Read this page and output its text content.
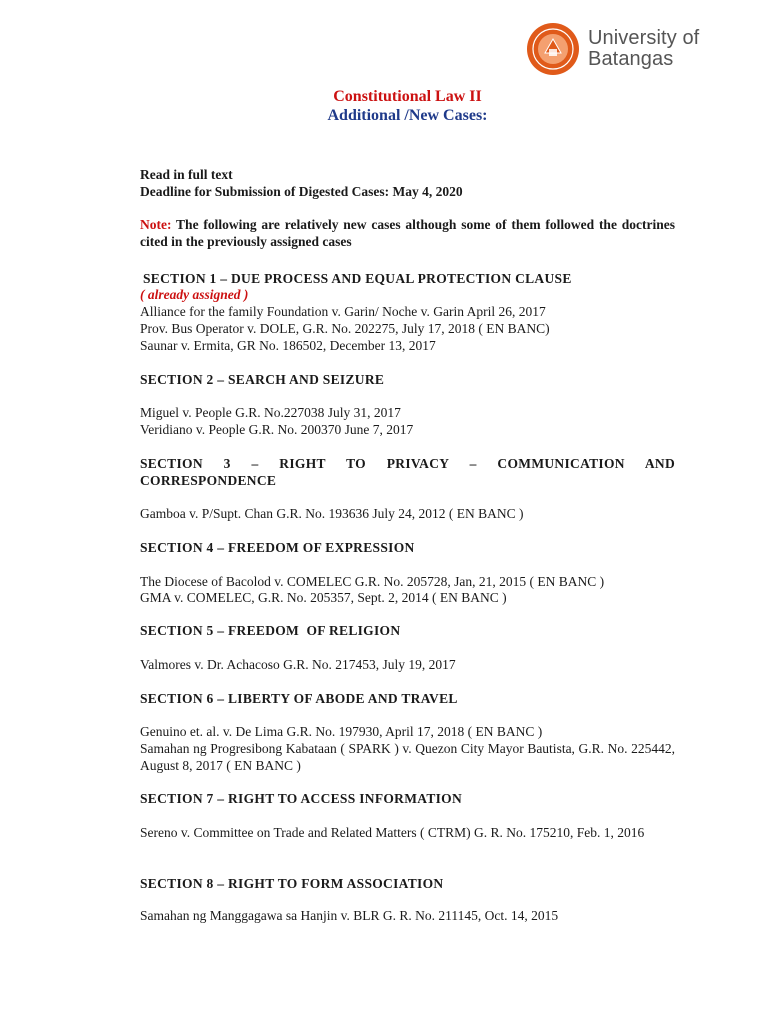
University of
Batangas
Constitutional Law II
Additional /New Cases:
Read in full text
Deadline for Submission of Digested Cases: May 4, 2020
Note: The following are relatively new cases although some of them followed the doctrines cited in the previously assigned cases
SECTION 1 – DUE PROCESS AND EQUAL PROTECTION CLAUSE
( already assigned )
Alliance for the family Foundation v. Garin/ Noche v. Garin April 26, 2017
Prov. Bus Operator v. DOLE, G.R. No. 202275, July 17, 2018 ( EN BANC)
Saunar v. Ermita, GR No. 186502, December 13, 2017
SECTION 2 – SEARCH AND SEIZURE
Miguel v. People G.R. No.227038 July 31, 2017
Veridiano v. People G.R. No. 200370 June 7, 2017
SECTION 3 – RIGHT TO PRIVACY – COMMUNICATION AND CORRESPONDENCE
Gamboa v. P/Supt. Chan G.R. No. 193636 July 24, 2012 ( EN BANC )
SECTION 4 – FREEDOM OF EXPRESSION
The Diocese of Bacolod v. COMELEC G.R. No. 205728, Jan, 21, 2015 ( EN BANC )
GMA v. COMELEC, G.R. No. 205357, Sept. 2, 2014 ( EN BANC )
SECTION 5 – FREEDOM  OF RELIGION
Valmores v. Dr. Achacoso G.R. No. 217453, July 19, 2017
SECTION 6 – LIBERTY OF ABODE AND TRAVEL
Genuino et. al. v. De Lima G.R. No. 197930, April 17, 2018 ( EN BANC )
Samahan ng Progresibong Kabataan ( SPARK ) v. Quezon City Mayor Bautista, G.R. No. 225442, August 8, 2017 ( EN BANC )
SECTION 7 – RIGHT TO ACCESS INFORMATION
Sereno v. Committee on Trade and Related Matters ( CTRM) G. R. No. 175210, Feb. 1, 2016
SECTION 8 – RIGHT TO FORM ASSOCIATION
Samahan ng Manggagawa sa Hanjin v. BLR G. R. No. 211145, Oct. 14, 2015
